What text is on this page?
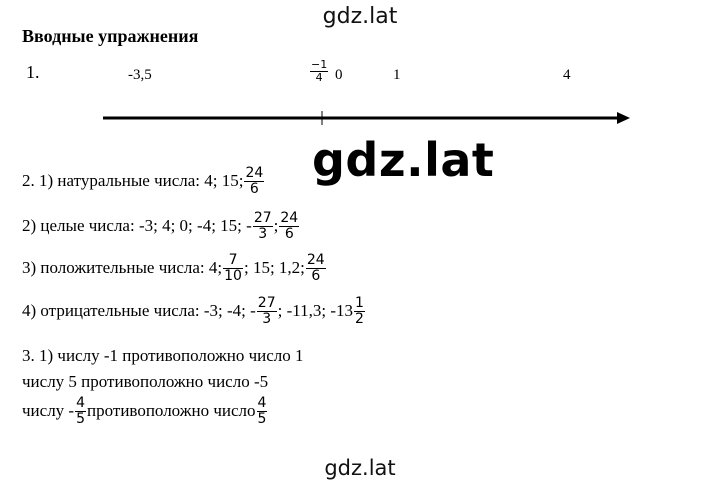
gdz.lat
Вводные упражнения
1.	-3,5	$\frac{-1}{4} 0$	1	4
gdz.lat
2. 1) натуральные числа: 4; 15; $\frac{24}{6}$
2) целые числа: -3; 4; 0; -4; 15; - $\frac{27}{3}$ ; $\frac{24}{6}$
3) положительные числа: 4; $\frac{7}{10}$ ; 15; 1,2; $\frac{24}{6}$
4) отрицательные числа: -3; -4; - $\frac{27}{3}$ ; -11,3; $-13 \frac{1}{2}$
3. 1) числу -1 противоположно число 1
числу 5 противоположно число -5
числу - $\frac{4}{5}$ противоположно число $\frac{4}{5}$
gdz.lat
